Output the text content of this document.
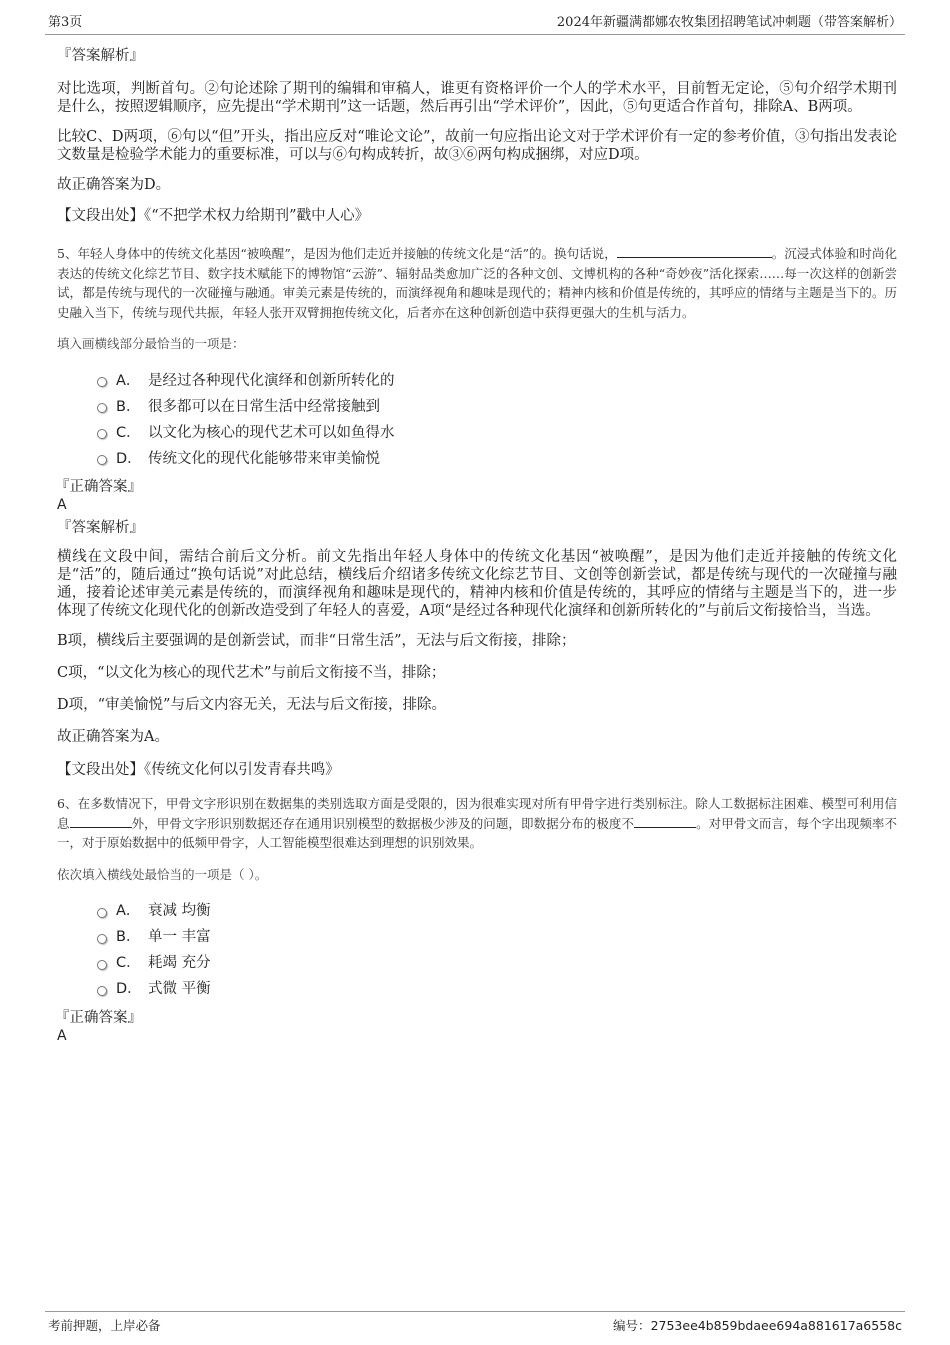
第3页	2024年新疆满都娜农牧集团招聘笔试冲刺题（带答案解析）
『答案解析』

对比选项，判断首句。②句论述除了期刊的编辑和审稿人，谁更有资格评价一个人的学术水平，目前暂无定论，⑤句介绍学术期刊是什么，按照逻辑顺序，应先提出“学术期刊”这一话题，然后再引出“学术评价”，因此，⑤句更适合作首句，排除A、B两项。

比较C、D两项，⑥句以“但”开头，指出应反对“唯论文论”，故前一句应指出论文对于学术评价有一定的参考价值，③句指出发表论文数量是检验学术能力的重要标准，可以与⑥句构成转折，故③⑥两句构成捆绑，对应D项。

故正确答案为D。

【文段出处】《“不把学术权力给期刊”戳中人心》

5、年轻人身体中的传统文化基因“被唤醒”，是因为他们走近并接触的传统文化是“活”的。换句话说，	。沉浸式体验和时尚化表达的传统文化综艺节目、数字技术赋能下的博物馆“云游”、辐射品类愈加广泛的各种文创、文博机构的各种“奇妙夜”活化探索……每一次这样的创新尝试，都是传统与现代的一次碰撞与融通。审美元素是传统的，而演绎视角和趣味是现代的；精神内核和价值是传统的，其呼应的情绪与主题是当下的。历史融入当下，传统与现代共振，年轻人张开双臂拥抱传统文化，后者亦在这种创新创造中获得更强大的生机与活力。

填入画横线部分最恰当的一项是：
A． 是经过各种现代化演绎和创新所转化的
B． 很多都可以在日常生活中经常接触到
C． 以文化为核心的现代艺术可以如鱼得水
D． 传统文化的现代化能够带来审美愉悦
『正确答案』
A
『答案解析』

横线在文段中间，需结合前后文分析。前文先指出年轻人身体中的传统文化基因“被唤醒”，是因为他们走近并接触的传统文化是“活”的，随后通过“换句话说”对此总结，横线后介绍诸多传统文化综艺节目、文创等创新尝试，都是传统与现代的一次碰撞与融通，接着论述审美元素是传统的，而演绎视角和趣味是现代的，精神内核和价值是传统的，其呼应的情绪与主题是当下的，进一步体现了传统文化现代化的创新改造受到了年轻人的喜爱，A项“是经过各种现代化演绎和创新所转化的”与前后文衔接恰当，当选。

B项，横线后主要强调的是创新尝试，而非“日常生活”，无法与后文衔接，排除；

C项，“以文化为核心的现代艺术”与前后文衔接不当，排除；

D项，“审美愉悦”与后文内容无关，无法与后文衔接，排除。

故正确答案为A。

【文段出处】《传统文化何以引发青春共鸣》

6、在多数情况下，甲骨文字形识别在数据集的类别选取方面是受限的，因为很难实现对所有甲骨字进行类别标注。除人工数据标注困难、模型可利用信息	外，甲骨文字形识别数据还存在通用识别模型的数据极少涉及的问题，即数据分布的极度不	。对甲骨文而言，每个字出现频率不一，对于原始数据中的低频甲骨字，人工智能模型很难达到理想的识别效果。

依次填入横线处最恰当的一项是（ ）。
A． 衰减 均衡
B． 单一 丰富
C． 耗竭 充分
D． 式微 平衡
『正确答案』
A
考前押题，上岸必备	编号：2753ee4b859bdaee694a881617a6558c
